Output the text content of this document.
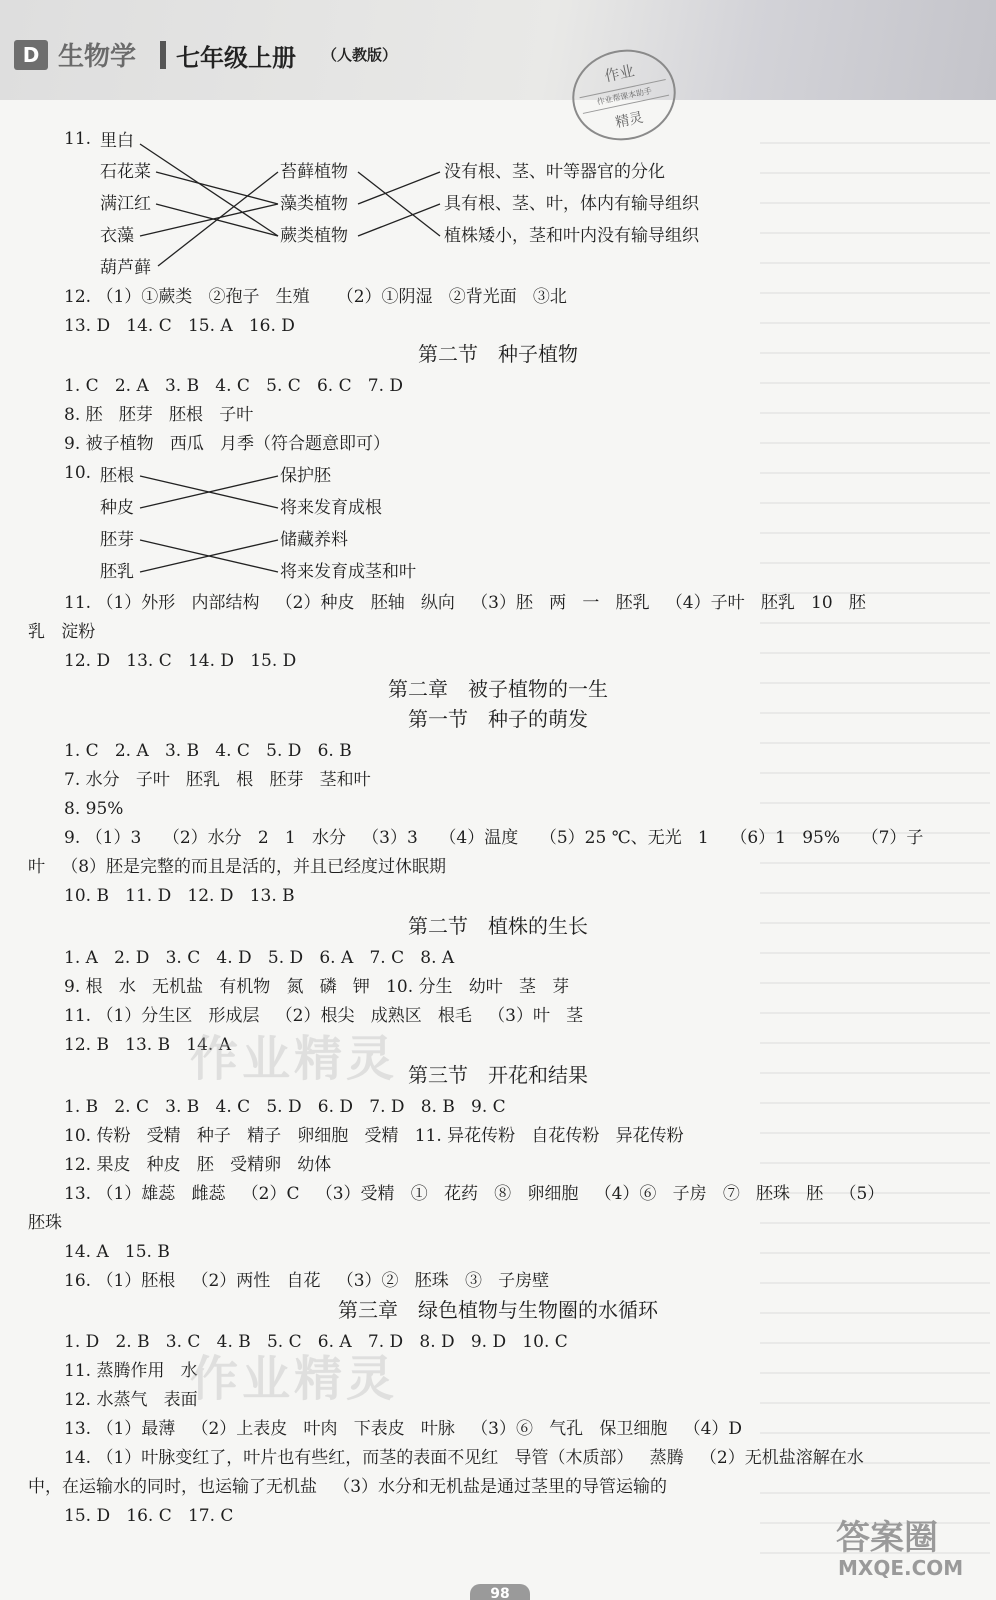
D 生物学 七年级上册 （人教版）
作业
作业帮课本助手
精灵
11. 里白
石花菜
满江红
衣藻
葫芦藓
苔藓植物
藻类植物
蕨类植物
没有根、茎、叶等器官的分化
具有根、茎、叶，体内有输导组织
植株矮小，茎和叶内没有输导组织
12. （1）①蕨类   ②孢子   生殖     （2）①阴湿   ②背光面   ③北
13. D   14. C   15. A   16. D
第二节　种子植物
1. C   2. A   3. B   4. C   5. C   6. C   7. D
8. 胚   胚芽   胚根   子叶
9. 被子植物   西瓜   月季（符合题意即可）
10. 胚根
种皮
胚芽
胚乳
保护胚
将来发育成根
储藏养料
将来发育成茎和叶
11. （1）外形   内部结构   （2）种皮   胚轴   纵向   （3）胚   两   一   胚乳   （4）子叶   胚乳   10   胚
乳   淀粉
12. D   13. C   14. D   15. D
第二章　被子植物的一生
第一节　种子的萌发
1. C   2. A   3. B   4. C   5. D   6. B
7. 水分   子叶   胚乳   根   胚芽   茎和叶
8. 95%
9. （1）3    （2）水分   2   1   水分   （3）3    （4）温度    （5）25 ℃、无光   1    （6）1   95%    （7）子
叶   （8）胚是完整的而且是活的，并且已经度过休眠期
10. B   11. D   12. D   13. B
第二节　植株的生长
1. A   2. D   3. C   4. D   5. D   6. A   7. C   8. A
9. 根   水   无机盐   有机物   氮   磷   钾   10. 分生   幼叶   茎   芽
11. （1）分生区   形成层   （2）根尖   成熟区   根毛   （3）叶   茎
12. B   13. B   14. A
第三节　开花和结果
1. B   2. C   3. B   4. C   5. D   6. D   7. D   8. B   9. C
10. 传粉   受精   种子   精子   卵细胞   受精   11. 异花传粉   自花传粉   异花传粉
12. 果皮   种皮   胚   受精卵   幼体
13. （1）雄蕊   雌蕊   （2）C   （3）受精   ①   花药   ⑧   卵细胞   （4）⑥   子房   ⑦   胚珠   胚   （5）
胚珠
14. A   15. B
16. （1）胚根   （2）两性   自花   （3）②   胚珠   ③   子房壁
第三章　绿色植物与生物圈的水循环
1. D   2. B   3. C   4. B   5. C   6. A   7. D   8. D   9. D   10. C
11. 蒸腾作用   水
12. 水蒸气   表面
13. （1）最薄   （2）上表皮   叶肉   下表皮   叶脉   （3）⑥   气孔   保卫细胞   （4）D
14. （1）叶脉变红了，叶片也有些红，而茎的表面不见红   导管（木质部）   蒸腾   （2）无机盐溶解在水
中，在运输水的同时，也运输了无机盐   （3）水分和无机盐是通过茎里的导管运输的
15. D   16. C   17. C
作业精灵
作业精灵
答案圈
MXQE.COM
98
